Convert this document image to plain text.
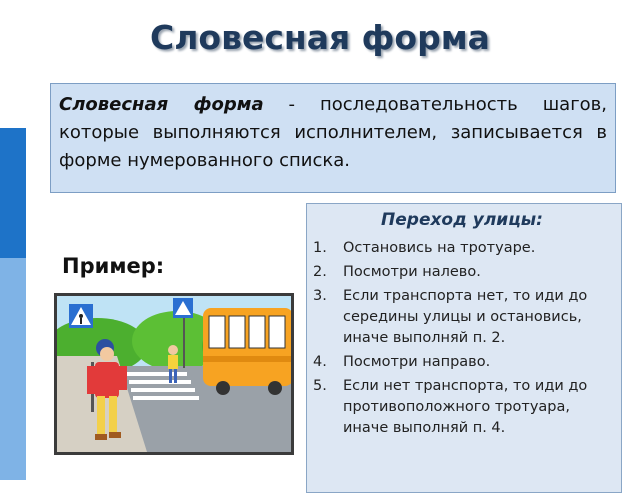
Словесная форма
Словесная форма - последовательность шагов, которые выполняются исполнителем, записывается в форме нумерованного списка.
Пример:
Переход улицы:
1.	Остановись на тротуаре.
2.	Посмотри налево.
3.	Если транспорта нет, то иди до середины улицы и остановись, иначе выполняй п. 2.
4.	Посмотри направо.
5.	Если нет транспорта, то иди до противоположного тротуара, иначе выполняй п. 4.
